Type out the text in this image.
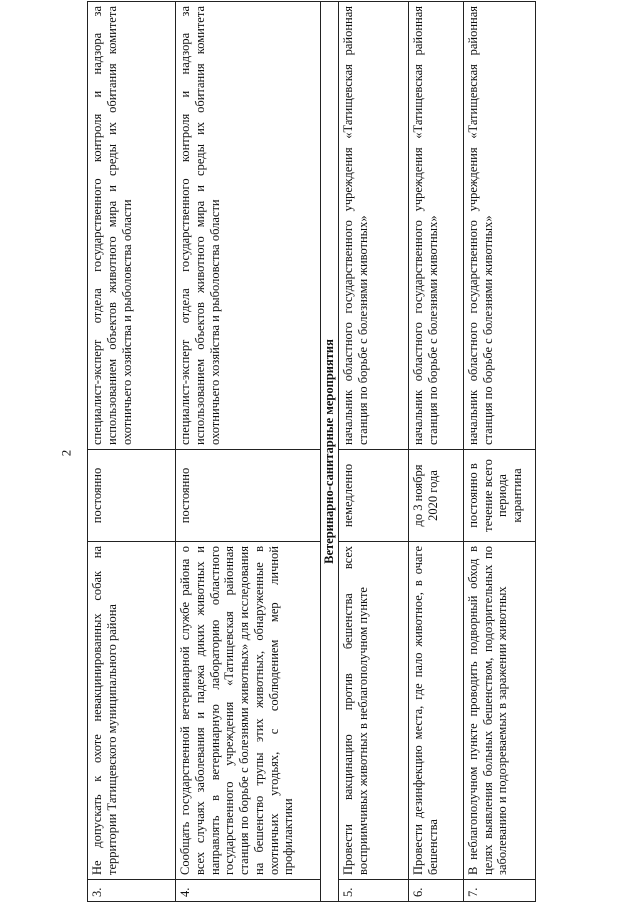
2
3.	Не допускать к охоте невакцинированных собак на территории Татищевского муниципального района	постоянно	специалист-эксперт отдела государственного контроля и надзора за использованием объектов животного мира и среды их обитания комитета охотничьего хозяйства и рыболовства области
4.	Сообщать государственной ветеринарной службе района о всех случаях заболевания и падежа диких животных и направлять в ветеринарную лабораторию областного государственного учреждения «Татищевская районная станция по борьбе с болезнями животных» для исследования на бешенство трупы этих животных, обнаруженные в охотничьих угодьях, с соблюдением мер личной профилактики	постоянно	специалист-эксперт отдела государственного контроля и надзора за использованием объектов животного мира и среды их обитания комитета охотничьего хозяйства и рыболовства области
Ветеринарно-санитарные мероприятия			
5.	Провести вакцинацию против бешенства всех восприимчивых животных в неблагополучном пункте	немедленно	начальник областного государственного учреждения «Татищевская районная станция по борьбе с болезнями животных»
6.	Провести дезинфекцию места, где пало животное, в очаге бешенства	до 3 ноября 2020 года	начальник областного государственного учреждения «Татищевская районная станция по борьбе с болезнями животных»
7.	В неблагополучном пункте проводить подворный обход в целях выявления больных бешенством, подозрительных по заболеванию и подозреваемых в заражении животных	постоянно в течение всего периода карантина	начальник областного государственного учреждения «Татищевская районная станция по борьбе с болезнями животных»
